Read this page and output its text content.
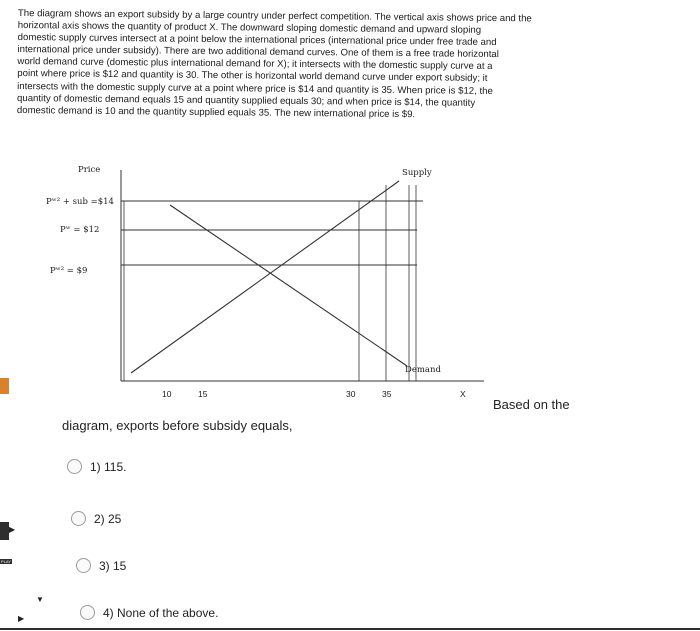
The diagram shows an export subsidy by a large country under perfect competition. The vertical axis shows price and the
horizontal axis shows the quantity of product X. The downward sloping domestic demand and upward sloping
domestic supply curves intersect at a point below the international prices (international price under free trade and
international price under subsidy). There are two additional demand curves. One of them is a free trade horizontal
world demand curve (domestic plus international demand for X); it intersects with the domestic supply curve at a
point where price is $12 and quantity is 30. The other is horizontal world demand curve under export subsidy; it
intersects with the domestic supply curve at a point where price is $14 and quantity is 35. When price is $12, the
quantity of domestic demand equals 15 and quantity supplied equals 30; and when price is $14, the quantity
domestic demand is 10 and the quantity supplied equals 35. The new international price is $9.
Price	Supply
Demand
Pʷ² + sub =$14
Pʷ = $12
Pʷ² = $9
10	15	30	35	X
Based on the
diagram, exports before subsidy equals,
1) 115.
2) 25
3) 15
4) None of the above.
PLAY
▶
▼
▶
